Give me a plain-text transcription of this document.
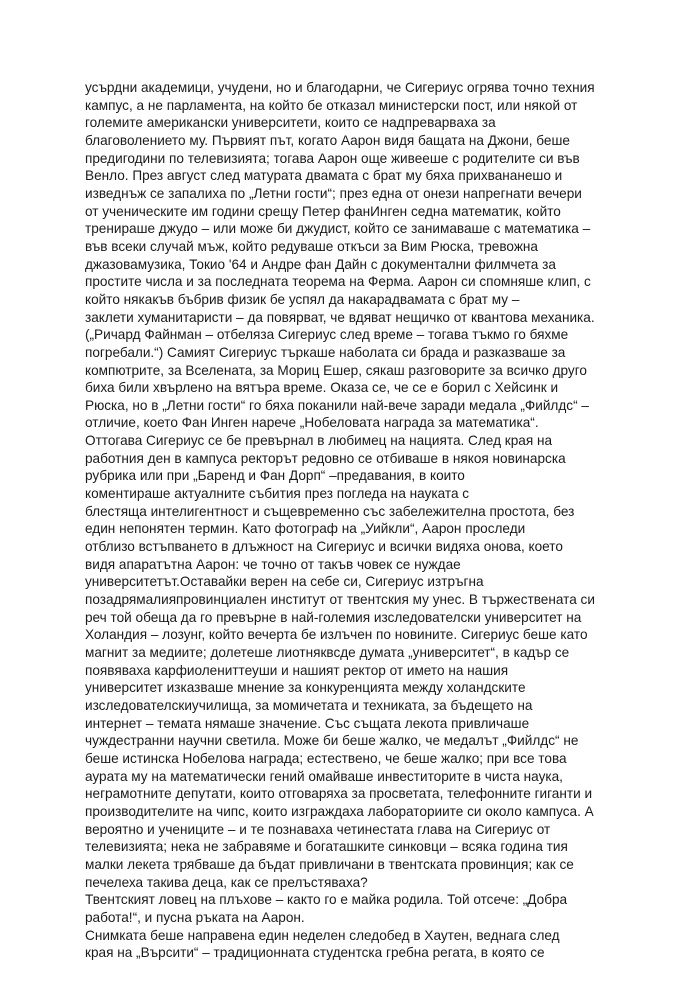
усърдни академици, учудени, но и благодарни, че Сигериус огрява точно техния
кампус, а не парламента, на който бе отказал министерски пост, или някой от
големите американски университети, които се надпреварваха за
благоволението му. Първият път, когато Аарон видя бащата на Джони, беше
предигодини по телевизията; тогава Аарон още живееше с родителите си във
Венло. През август след матурата двамата с брат му бяха прихвананешо и
изведнъж се запалиха по „Летни гости“; през една от онези напрегнати вечери
от ученическите им години срещу Петер фанИнген седна математик, който
тренираше джудо – или може би джудист, който се занимаваше с математика –
във всеки случай мъж, който редуваше откъси за Вим Рюска, тревожна
джазовамузика, Токио '64 и Андре фан Дайн с документални филмчета за
простите числа и за последната теорема на Ферма. Аарон си спомняше клип, с
който някакъв бъбрив физик бе успял да накарадвамата с брат му –
заклети хуманитаристи – да повярват, че вдяват нещичко от квантова механика.
(„Ричард Файнман – отбеляза Сигериус след време – тогава тъкмо го бяхме
погребали.“) Самият Сигериус търкаше наболата си брада и разказваше за
компютрите, за Вселената, за Мориц Ешер, сякаш разговорите за всичко друго
биха били хвърлено на вятъра време. Оказа се, че се е борил с Хейсинк и
Рюска, но в „Летни гости“ го бяха поканили най-вече заради медала „Фийлдс“ –
отличие, което Фан Инген нарече „Нобеловата награда за математика“.
Оттогава Сигериус се бе превърнал в любимец на нацията. След края на
работния ден в кампуса ректорът редовно се отбиваше в някоя новинарска
рубрика или при „Баренд и Фан Дорп“ –предавания, в които
коментираше актуалните събития през погледа на науката с
блестяща интелигентност и същевременно със забележителна простота, без
един непонятен термин. Като фотограф на „Уийкли“, Аарон проследи
отблизо встъпването в длъжност на Сигериус и всички видяха онова, което
видя апаратътна Аарон: че точно от такъв човек се нуждае
университетът.Оставайки верен на себе си, Сигериус изтръгна
позадрямалияпровинциален институт от твентския му унес. В тържествената си
реч той обеща да го превърне в най-големия изследователски университет на
Холандия – лозунг, който вечерта бе излъчен по новините. Сигериус беше като
магнит за медиите; долетеше лиотняквсде думата „университет“, в кадър се
появяваха карфиолениттеуши и нашият ректор от името на нашия
университет изказваше мнение за конкуренцията между холандските
изследователскиучилища, за момичетата и техниката, за бъдещето на
интернет – темата нямаше значение. Със същата лекота привличаше
чуждестранни научни светила. Може би беше жалко, че медалът „Фийлдс“ не
беше истинска Нобелова награда; естествено, че беше жалко; при все това
аурата му на математически гений омайваше инвеститорите в чиста наука,
неграмотните депутати, които отговаряха за просветата, телефонните гиганти и
производителите на чипс, които изграждаха лабораториите си около кампуса. А
вероятно и учениците – и те познаваха четинестата глава на Сигериус от
телевизията; нека не забравяме и богаташките синковци – всяка година тия
малки лекета трябваше да бъдат привличани в твентската провинция; как се
печелеха такива деца, как се прелъстяваха?
Твентският ловец на плъхове – както го е майка родила. Той отсече: „Добра
работа!“, и пусна ръката на Аарон.
Снимката беше направена един неделен следобед в Хаутен, веднага след
края на „Върсити“ – традиционната студентска гребна регата, в която се
